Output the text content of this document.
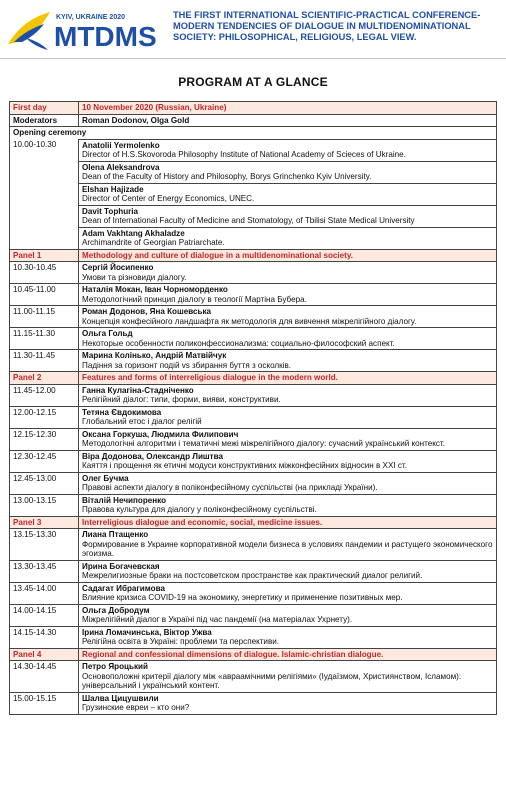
KYIV, UKRAINE 2020
MTDMS
THE FIRST INTERNATIONAL SCIENTIFIC-PRACTICAL CONFERENCE-MODERN TENDENCIES OF DIALOGUE IN MULTIDENOMINATIONAL SOCIETY: PHILOSOPHICAL, RELIGIOUS, LEGAL VIEW.
PROGRAM AT A GLANCE
First day	10 November 2020 (Russian, Ukraine)
Moderators	Roman Dodonov, Olga Gold
Opening ceremony	
10.00-10.30	Anatolii Yermolenko
Director of H.S.Skovoroda Philosophy Institute of National Academy of Sciеces of Ukraine.

	Olena Aleksandrova
Dean of the Faculty of History and Philosophy, Borys Grinchenko Kyiv University.

	Elshan Hajizade
Director of Center of Energy Economics, UNEC.

	Davit Tophuria
Dean of International Faculty of Medicine and Stomatology, of Tbilisi State Medical University

	Adam Vakhtang Akhaladze
Archimandrite of Georgian Patriarchate.

Panel 1	Methodology and culture of dialogue in a multidenominational society.
10.30-10.45	Сергій Йосипенко
Умови та різновиди діалогу.

10.45-11.00	Наталія Мокан, Іван Чорноморденко
Методологічний принцип діалогу в теології Мартіна Бубера.

11.00-11.15	Роман Додонов, Яна Кошевська
Концепція конфесійного ландшафта як методологія для вивчення міжрелігійного діалогу.

11.15-11.30	Ольга Гольд
Некоторые особенности поликонфессионализма: социально-философский аспект.

11.30-11.45	Марина Колінько, Андрій Матвійчук
Падіння за горизонт подій vs збирання буття з осколків.

Panel 2	Features and forms of interreligious dialogue in the modern world.
11.45-12.00	Ганна Кулагіна-Стадніченко
Релігійний діалог: типи, форми, вияви, конструктиви.

12.00-12.15	Тетяна Євдокимова
Глобальний етос і діалог релігій

12.15-12.30	Оксана Горкуша, Людмила Филипович
Методологічні алгоритми і тематичні межі міжрелігійного діалогу: сучасний український контекст.

12.30-12.45	Віра Додонова, Олександр Лиштва
Каяття і прощення як етичні модуси конструктивних міжконфесійних відносин в ХХІ ст.

12.45-13.00	Олег Бучма
Правові аспекти діалогу в поліконфесійному суспільстві (на прикладі України).

13.00-13.15	Віталій Нечипоренко
Правова культура для діалогу у поліконфесійному суспільстві.

Panel 3	Interreligious dialogue and economic, social, medicine issues.
13.15-13.30	Лиана Птащенко
Формирование в Украине корпоративной модели бизнеса в условиях пандемии и растущего экономического эгоизма.

13.30-13.45	Ирина Богачевская
Межрелигиозные браки на постсоветском пространстве как практический диалог религий.

13.45-14.00	Садагат Ибрагимова
Влияние кризиса COVID-19 на экономику, энергетику и применение позитивных мер.

14.00-14.15	Ольга Добродум
Міжрелігійний діалог в Україні під час пандемії (на матеріалах Ухрнету).

14.15-14.30	Ірина Ломачинська, Віктор Ужва
Релігійна освіта в Україні: проблеми та перспективи.

Panel 4	Regional and confessional dimensions of dialogue. Islamic-christian dialogue.
14.30-14.45	Петро Яроцький
Основоположні критерії діалогу між «авраамічними релігіями» (Іудаїзмом, Християнством, Ісламом): універсальний і український контент.

15.00-15.15	Шалва Цицушвили
Грузинские евреи – кто они?
